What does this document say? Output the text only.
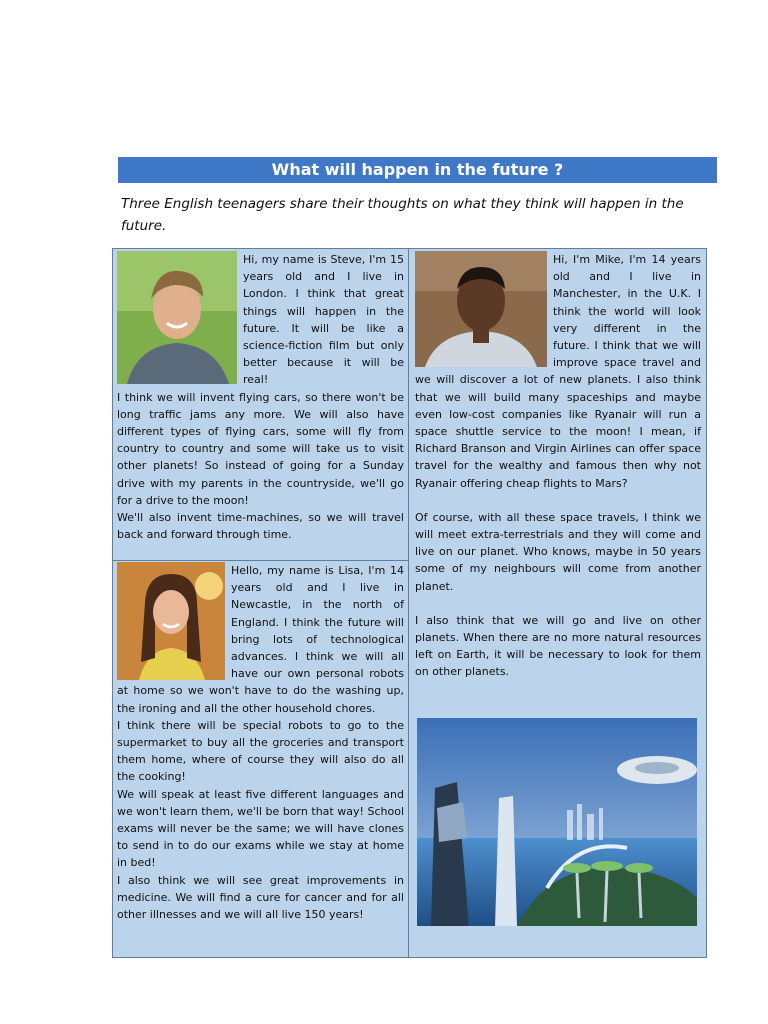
What will happen in the future ?
Three English teenagers share their thoughts on what they think will happen in the future.

Hi, my name is Steve, I'm 15 years old and I live in London. I think that great things will happen in the future. It will be like a science-fiction film but only better because it will be real!

I think we will invent flying cars, so there won't be long traffic jams any more. We will also have different types of flying cars, some will fly from country to country and some will take us to visit other planets! So instead of going for a Sunday drive with my parents in the countryside, we'll go for a drive to the moon!

We'll also invent time-machines, so we will travel back and forward through time.

Hello, my name is Lisa, I'm 14 years old and I live in Newcastle, in the north of England. I think the future will bring lots of technological advances. I think we will all have our own personal robots at home so we won't have to do the washing up, the ironing and all the other household chores.

I think there will be special robots to go to the supermarket to buy all the groceries and transport them home, where of course they will also do all the cooking!

We will speak at least five different languages and we won't learn them, we'll be born that way! School exams will never be the same; we will have clones to send in to do our exams while we stay at home in bed!

I also think we will see great improvements in medicine. We will find a cure for cancer and for all other illnesses and we will all live 150 years!

Hi, I'm Mike, I'm 14 years old and I live in Manchester, in the U.K. I think the world will look very different in the future. I think that we will improve space travel and we will discover a lot of new planets. I also think that we will build many spaceships and maybe even low-cost companies like Ryanair will run a space shuttle service to the moon! I mean, if Richard Branson and Virgin Airlines can offer space travel for the wealthy and famous then why not Ryanair offering cheap flights to Mars?

Of course, with all these space travels, I think we will meet extra-terrestrials and they will come and live on our planet. Who knows, maybe in 50 years some of my neighbours will come from another planet.

I also think that we will go and live on other planets. When there are no more natural resources left on Earth, it will be necessary to look for them on other planets.
